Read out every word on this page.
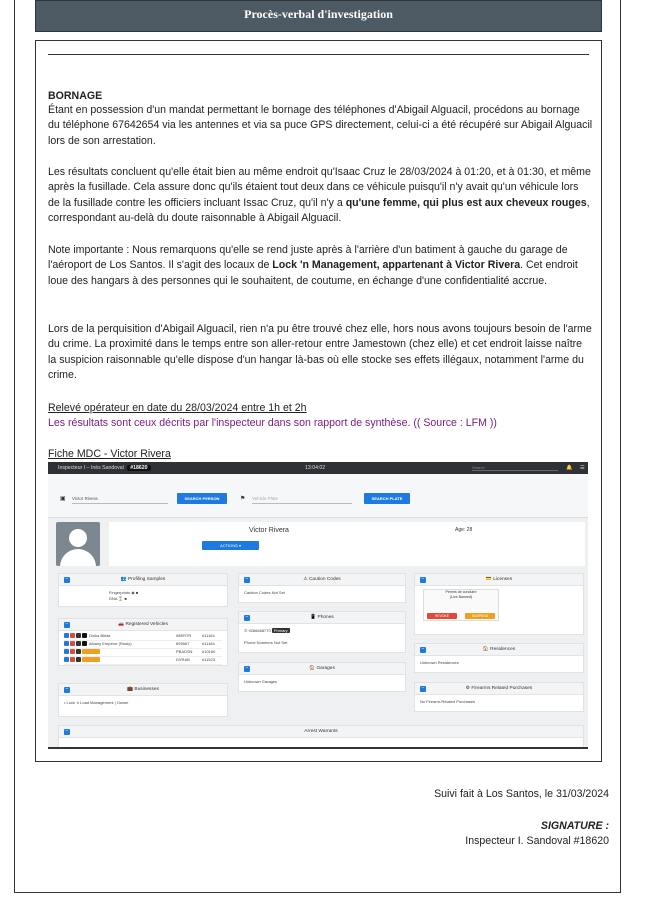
Procès-verbal d'investigation
BORNAGE
Étant en possession d'un mandat permettant le bornage des téléphones d'Abigail Alguacil, procédons au bornage du téléphone 67642654 via les antennes et via sa puce GPS directement, celui-ci a été récupéré sur Abigail Alguacil lors de son arrestation.
Les résultats concluent qu'elle était bien au même endroit qu'Isaac Cruz le 28/03/2024 à 01:20, et à 01:30, et même après la fusillade. Cela assure donc qu'ils étaient tout deux dans ce véhicule puisqu'il n'y avait qu'un véhicule lors de la fusillade contre les officiers incluant Issac Cruz, qu'il n'y a qu'une femme, qui plus est aux cheveux rouges, correspondant au-delà du doute raisonnable à Abigail Alguacil.
Note importante : Nous remarquons qu'elle se rend juste après à l'arrière d'un batiment à gauche du garage de l'aéroport de Los Santos. Il s'agit des locaux de Lock 'n Management, appartenant à Victor Rivera. Cet endroit loue des hangars à des personnes qui le souhaitent, de coutume, en échange d'une confidentialité accrue.
Lors de la perquisition d'Abigail Alguacil, rien n'a pu être trouvé chez elle, hors nous avons toujours besoin de l'arme du crime. La proximité dans le temps entre son aller-retour entre Jamestown (chez elle) et cet endroit laisse naître la suspicion raisonnable qu'elle dispose d'un hangar là-bas où elle stocke ses effets illégaux, notamment l'arme du crime.
Relevé opérateur en date du 28/03/2024 entre 1h et 2h
Les résultats sont ceux décrits par l'inspecteur dans son rapport de synthèse. (( Source : LFM ))
Fiche MDC - Victor Rivera
Inspecteur I – Inès Sandoval #18620	13:04:02	Search	🔔 ☰
▣ Victor Rivera	SEARCH PERSON	⚑ Vehicle Plate	SEARCH PLATE
Victor Rivera
ACTIONS ▾
Age: 28
−	👥 Profiling Samples
Fingerprints ◉ ■
DNA ⌛ ■
−	🚗 Registered Vehicles
Dinka Blista	08ERTR	#11164
Albany Emperor (Rusty)	895567	#11184
PBADSN #10180
DVRAB	#11523
−	💼 Businesses
• Lock 'n Load Management | Owner
−	⚠ Caution Codes
Caution Codes Not Set
−	📱 Phones
✆ 9286668770 Primary
Phone Numbers Not Set
−	🏠 Garages
Unknown Garages
−	💳 Licenses
Permis de conduire
(Live Banned)
REVOKE	SUSPEND
−	🏠 Residences
Unknown Residences
−	⚙ Firearms Related Purchases
No Firearm-Related Purchases
−	Arrest Warrants
Suivi fait à Los Santos, le 31/03/2024
SIGNATURE :
Inspecteur I. Sandoval #18620
